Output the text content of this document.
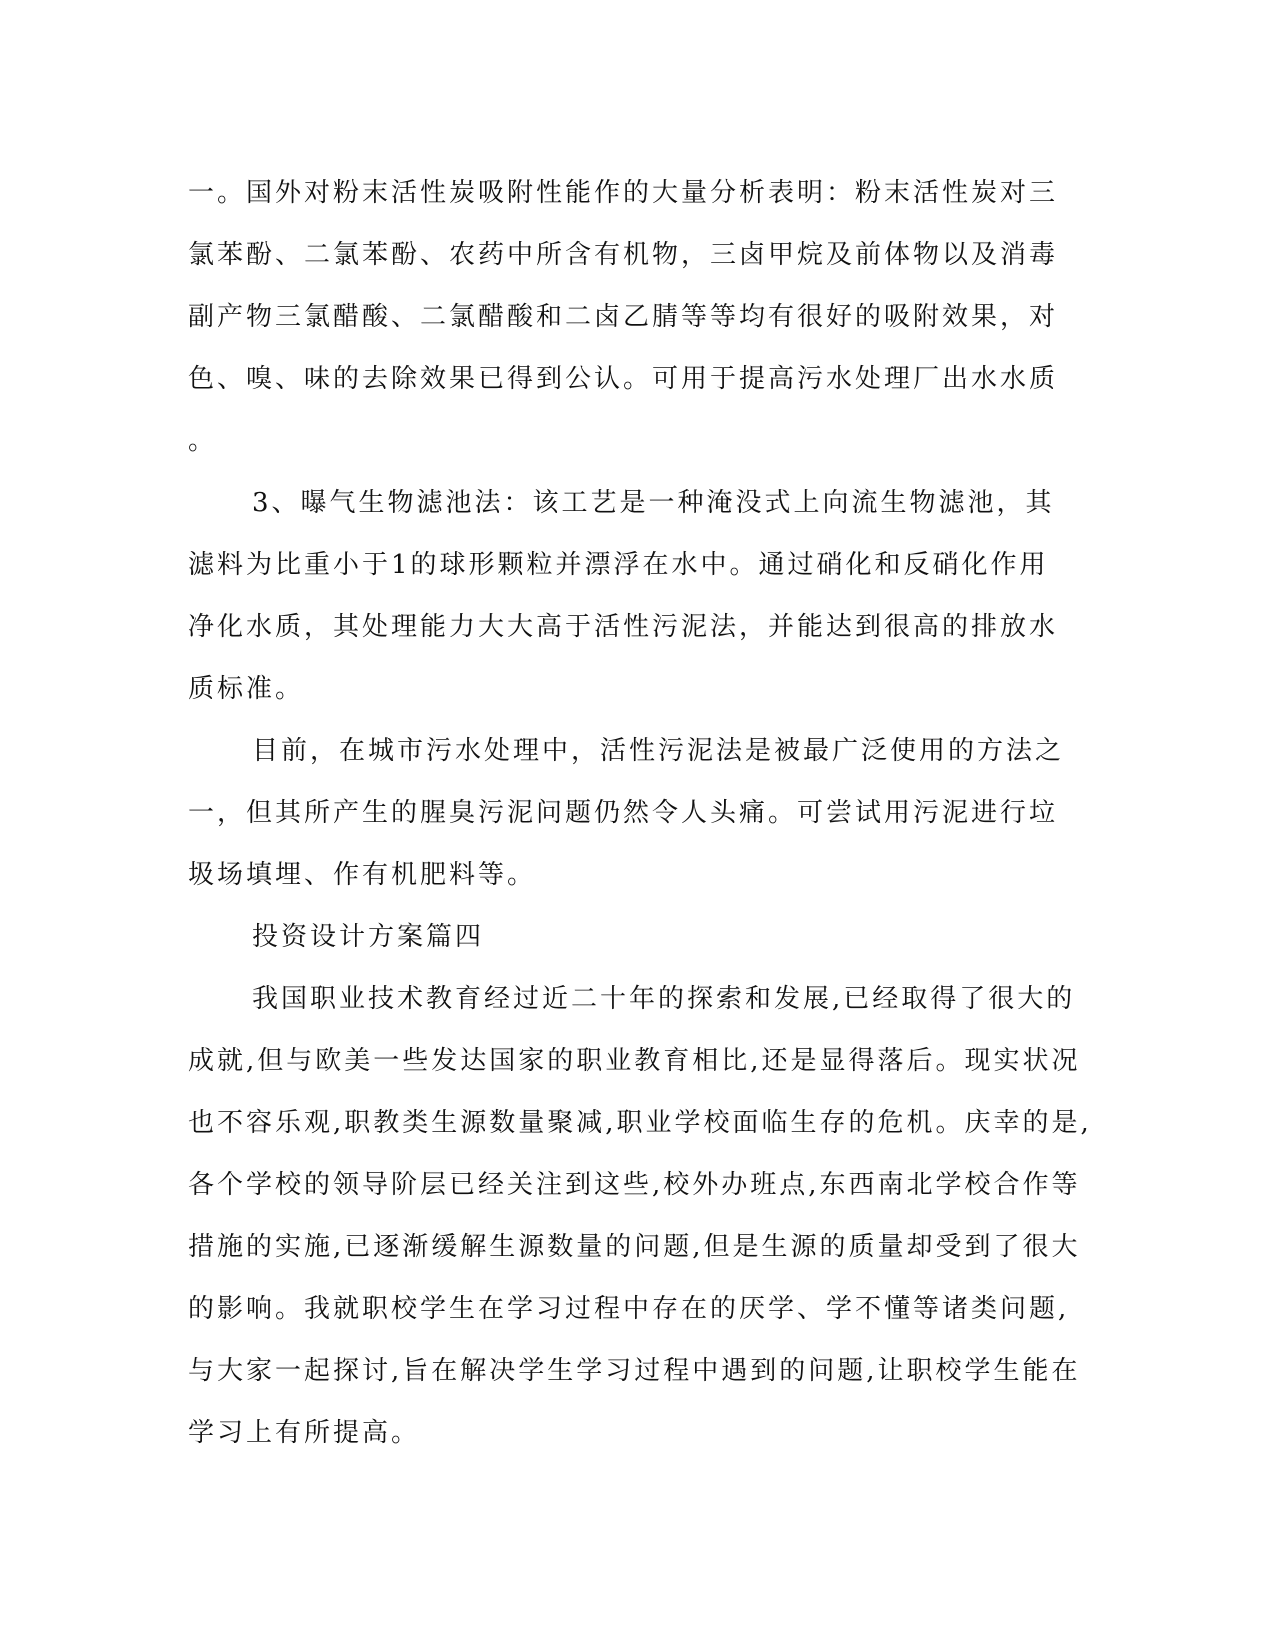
一。国外对粉末活性炭吸附性能作的大量分析表明：粉末活性炭对三
氯苯酚、二氯苯酚、农药中所含有机物，三卤甲烷及前体物以及消毒
副产物三氯醋酸、二氯醋酸和二卤乙腈等等均有很好的吸附效果，对
色、嗅、味的去除效果已得到公认。可用于提高污水处理厂出水水质
。
3、曝气生物滤池法：该工艺是一种淹没式上向流生物滤池，其
滤料为比重小于1的球形颗粒并漂浮在水中。通过硝化和反硝化作用
净化水质，其处理能力大大高于活性污泥法，并能达到很高的排放水
质标准。
目前，在城市污水处理中，活性污泥法是被最广泛使用的方法之
一，但其所产生的腥臭污泥问题仍然令人头痛。可尝试用污泥进行垃
圾场填埋、作有机肥料等。
投资设计方案篇四
我国职业技术教育经过近二十年的探索和发展,已经取得了很大的
成就,但与欧美一些发达国家的职业教育相比,还是显得落后。现实状况
也不容乐观,职教类生源数量聚减,职业学校面临生存的危机。庆幸的是,
各个学校的领导阶层已经关注到这些,校外办班点,东西南北学校合作等
措施的实施,已逐渐缓解生源数量的问题,但是生源的质量却受到了很大
的影响。我就职校学生在学习过程中存在的厌学、学不懂等诸类问题,
与大家一起探讨,旨在解决学生学习过程中遇到的问题,让职校学生能在
学习上有所提高。
